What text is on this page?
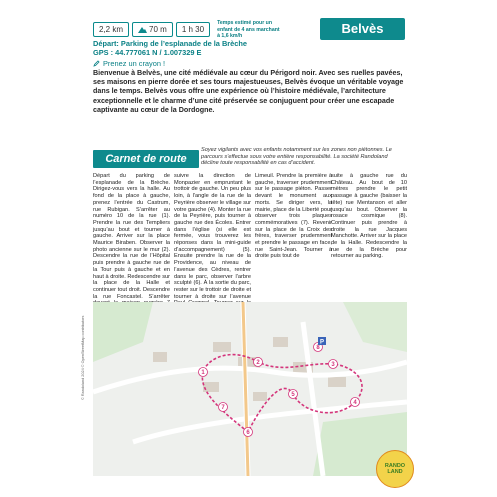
2,2 km	70 m 1 h 30
Temps estimé pour un enfant de 4 ans marchant à 1,6 km/h	Belvès
Départ: Parking de l’esplanade de la Brèche
GPS : 44.777061 N / 1.007329 E
Prenez un crayon !
Bienvenue à Belvès, une cité médiévale au cœur du Périgord noir. Avec ses ruelles pavées, ses maisons en pierre dorée et ses tours majestueuses, Belvès évoque un véritable voyage dans le temps. Belvès vous offre une expérience où l’histoire médiévale, l’architecture exceptionnelle et le charme d’une cité préservée se conjuguent pour créer une escapade captivante au cœur de la Dordogne.
Carnet de route
Soyez vigilants avec vos enfants notamment sur les zones non piétonnes. Le parcours s’effectue sous votre entière responsabilité. La société Randoland décline toute responsabilité en cas d’accident.
Départ du parking de l’esplanade de la Brèche. Dirigez-vous vers la halle. Au fond de la place à gauche, prenez l’entrée du Castrum, rue Rubigan. S’arrêter au numéro 10 de la rue (1). Prendre la rue des Templiers jusqu’au bout et tourner à gauche. Arriver sur la place Maurice Biraben. Observer la photo ancienne sur le mur (2). Descendre la rue de l’Hôpital puis prendre à gauche rue de la Tour puis à gauche et en haut à droite. Redescendre sur la place de la Halle et continuer tout droit. Descendre la rue Foncastel. S’arrêter
suivre la direction de Monpazier en empruntant le trottoir de gauche. Un peu plus loin, à l’angle de la rue de la Peyrière observer le village sur votre gauche (4). Monter la rue de la Peyrière, puis tourner à gauche rue des Écoles. Entrer dans l’église (si elle est fermée, vous trouverez les réponses dans la mini-guide d’accompagnement) (5). Ensuite prendre la rue de la Providence, au niveau de l’avenue des Cèdres, rentrer dans le parc, observer l’arbre sculpté (6). À la sortie du parc, rester sur le trottoir de droite et tourner à droite sur l’avenue
Limeuil. Prendre la première à gauche, traverser prudemment sur le passage piéton. Passer devant le monument aux morts. Se diriger vers, la mairie, place de la Liberté pour observer trois plaques commémoratives (7). Revenir sur la place de la Croix des frères, traverser prudemment et prendre le passage en face, rue Saint-Jean. Tourner à droite puis tout de
suite à gauche rue du Château. Au bout de 10 mètres prendre le petit passage à gauche (baisser la tête) rue Mentanson et aller jusqu’au bout. Observer la rosace cosmique (8). Continuer puis prendre à droite la rue Jacques Manchotte. Arriver sur la place de la Halle. Redescendre la rue de la Brèche pour retourner au parking.
1
2	3
4
5
6
7
8
P
© Randoland 2024 © OpenStreetMap contributors
RANDO
LAND
